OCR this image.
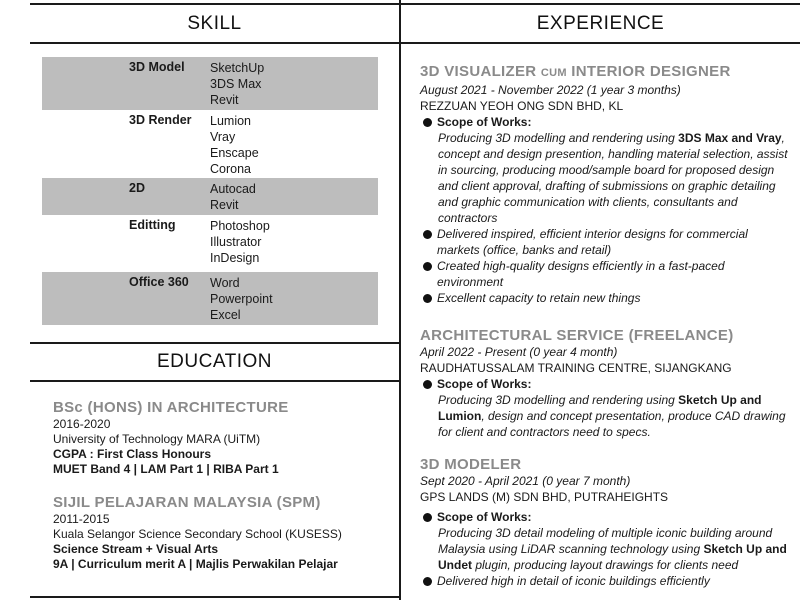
SKILL	EXPERIENCE
EDUCATION
3D Model SketchUp
3DS Max
Revit
3D Render Lumion
Vray
Enscape
Corona
2D	Autocad
Revit
Editting	Photoshop
Illustrator
InDesign
Office 360 Word
Powerpoint
Excel
BSc (HONS) IN ARCHITECTURE
2016-2020
University of Technology MARA (UiTM)
CGPA : First Class Honours
MUET Band 4 | LAM Part 1 | RIBA Part 1
SIJIL PELAJARAN MALAYSIA (SPM)
2011-2015
Kuala Selangor Science Secondary School (KUSESS)
Science Stream + Visual Arts
9A | Curriculum merit A | Majlis Perwakilan Pelajar
3D VISUALIZER CUM INTERIOR DESIGNER
August 2021 - November 2022 (1 year 3 months)
REZZUAN YEOH ONG SDN BHD, KL
Scope of Works:
Producing 3D modelling and rendering using 3DS Max and Vray, concept and design presention, handling material selection, assist in sourcing, producing mood/sample board for proposed design and client approval, drafting of submissions on graphic detailing and graphic communication with clients, consultants and contractors
Delivered inspired, efficient interior designs for commercial markets (office, banks and retail)
Created high-quality designs efficiently in a fast-paced environment
Excellent capacity to retain new things
ARCHITECTURAL SERVICE (FREELANCE)
April 2022 - Present (0 year 4 month)
RAUDHATUSSALAM TRAINING CENTRE, SIJANGKANG
Scope of Works:
Producing 3D modelling and rendering using Sketch Up and Lumion, design and concept presentation, produce CAD drawing for client and contractors need to specs.
3D MODELER
Sept 2020 - April 2021 (0 year 7 month)
GPS LANDS (M) SDN BHD, PUTRAHEIGHTS
Scope of Works:
Producing 3D detail modeling of multiple iconic building around Malaysia using LiDAR scanning technology using Sketch Up and Undet plugin, producing layout drawings for clients need
Delivered high in detail of iconic buildings efficiently
